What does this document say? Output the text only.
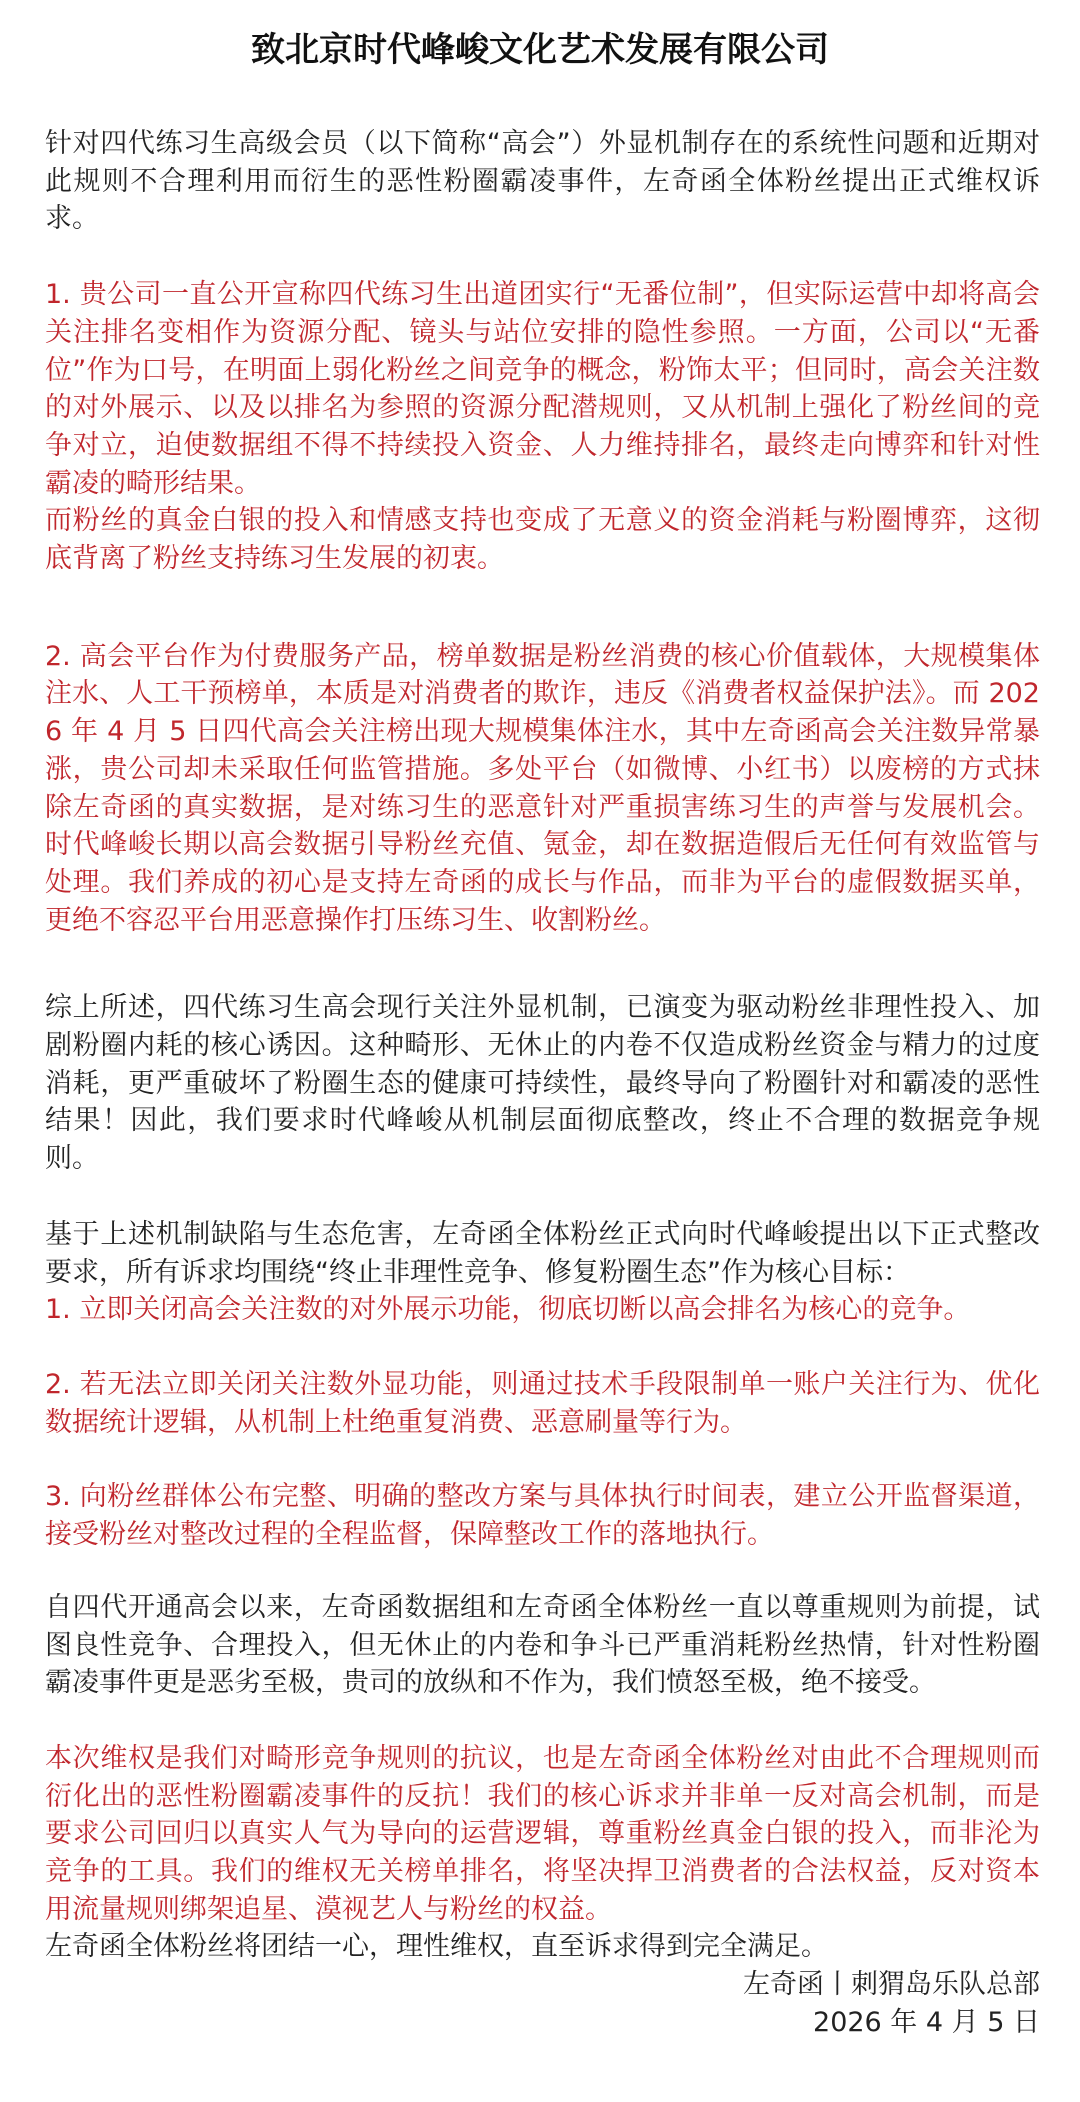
致北京时代峰峻文化艺术发展有限公司

针对四代练习生高级会员（以下简称“高会”）外显机制存在的系统性问题和近期对此规则不合理利用而衍生的恶性粉圈霸凌事件，左奇函全体粉丝提出正式维权诉求。

1. 贵公司一直公开宣称四代练习生出道团实行“无番位制”，但实际运营中却将高会关注排名变相作为资源分配、镜头与站位安排的隐性参照。一方面，公司以“无番位”作为口号，在明面上弱化粉丝之间竞争的概念，粉饰太平；但同时，高会关注数的对外展示、以及以排名为参照的资源分配潜规则，又从机制上强化了粉丝间的竞争对立，迫使数据组不得不持续投入资金、人力维持排名，最终走向博弈和针对性霸凌的畸形结果。

而粉丝的真金白银的投入和情感支持也变成了无意义的资金消耗与粉圈博弈，这彻底背离了粉丝支持练习生发展的初衷。

2. 高会平台作为付费服务产品，榜单数据是粉丝消费的核心价值载体，大规模集体注水、人工干预榜单，本质是对消费者的欺诈，违反《消费者权益保护法》。而 2026 年 4 月 5 日四代高会关注榜出现大规模集体注水，其中左奇函高会关注数异常暴涨，贵公司却未采取任何监管措施。多处平台（如微博、小红书）以废榜的方式抹除左奇函的真实数据，是对练习生的恶意针对严重损害练习生的声誉与发展机会。时代峰峻长期以高会数据引导粉丝充值、氪金，却在数据造假后无任何有效监管与处理。我们养成的初心是支持左奇函的成长与作品，而非为平台的虚假数据买单，更绝不容忍平台用恶意操作打压练习生、收割粉丝。

综上所述，四代练习生高会现行关注外显机制，已演变为驱动粉丝非理性投入、加剧粉圈内耗的核心诱因。这种畸形、无休止的内卷不仅造成粉丝资金与精力的过度消耗，更严重破坏了粉圈生态的健康可持续性，最终导向了粉圈针对和霸凌的恶性结果！因此，我们要求时代峰峻从机制层面彻底整改，终止不合理的数据竞争规则。

基于上述机制缺陷与生态危害，左奇函全体粉丝正式向时代峰峻提出以下正式整改要求，所有诉求均围绕“终止非理性竞争、修复粉圈生态”作为核心目标：

1. 立即关闭高会关注数的对外展示功能，彻底切断以高会排名为核心的竞争。

2. 若无法立即关闭关注数外显功能，则通过技术手段限制单一账户关注行为、优化数据统计逻辑，从机制上杜绝重复消费、恶意刷量等行为。

3. 向粉丝群体公布完整、明确的整改方案与具体执行时间表，建立公开监督渠道，接受粉丝对整改过程的全程监督，保障整改工作的落地执行。

自四代开通高会以来，左奇函数据组和左奇函全体粉丝一直以尊重规则为前提，试图良性竞争、合理投入，但无休止的内卷和争斗已严重消耗粉丝热情，针对性粉圈霸凌事件更是恶劣至极，贵司的放纵和不作为，我们愤怒至极，绝不接受。

本次维权是我们对畸形竞争规则的抗议，也是左奇函全体粉丝对由此不合理规则而衍化出的恶性粉圈霸凌事件的反抗！我们的核心诉求并非单一反对高会机制，而是要求公司回归以真实人气为导向的运营逻辑，尊重粉丝真金白银的投入，而非沦为竞争的工具。我们的维权无关榜单排名，将坚决捍卫消费者的合法权益，反对资本用流量规则绑架追星、漠视艺人与粉丝的权益。

左奇函全体粉丝将团结一心，理性维权，直至诉求得到完全满足。

左奇函丨刺猬岛乐队总部
2026 年 4 月 5 日
